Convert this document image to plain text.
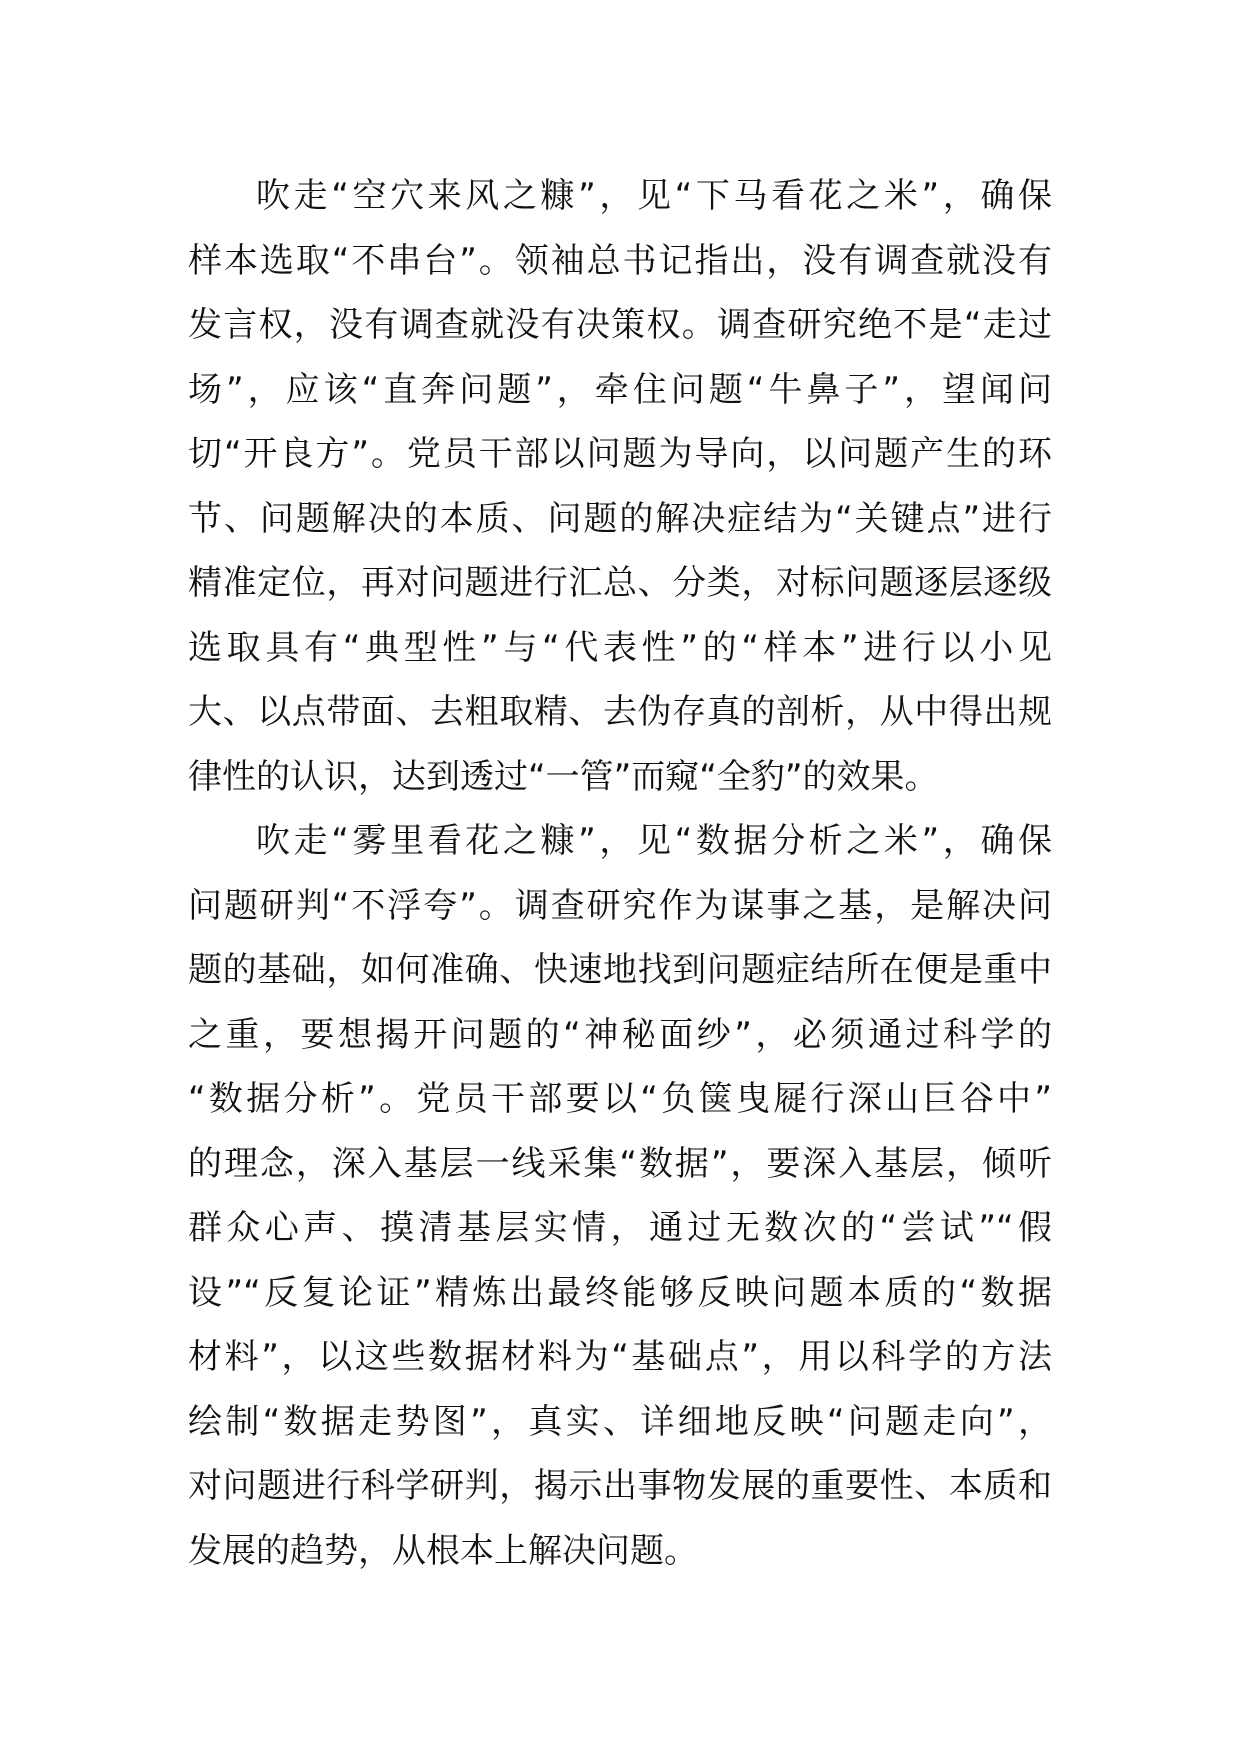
吹走“空穴来风之糠”，见“下马看花之米”，确保
样本选取“不串台”。领袖总书记指出，没有调查就没有
发言权，没有调查就没有决策权。调查研究绝不是“走过
场”，应该“直奔问题”，牵住问题“牛鼻子”，望闻问
切“开良方”。党员干部以问题为导向，以问题产生的环
节、问题解决的本质、问题的解决症结为“关键点”进行
精准定位，再对问题进行汇总、分类，对标问题逐层逐级
选取具有“典型性”与“代表性”的“样本”进行以小见
大、以点带面、去粗取精、去伪存真的剖析，从中得出规
律性的认识，达到透过“一管”而窥“全豹”的效果。
吹走“雾里看花之糠”，见“数据分析之米”，确保
问题研判“不浮夸”。调查研究作为谋事之基，是解决问
题的基础，如何准确、快速地找到问题症结所在便是重中
之重，要想揭开问题的“神秘面纱”，必须通过科学的
“数据分析”。党员干部要以“负箧曳屣行深山巨谷中”
的理念，深入基层一线采集“数据”，要深入基层，倾听
群众心声、摸清基层实情，通过无数次的“尝试”“假
设”“反复论证”精炼出最终能够反映问题本质的“数据
材料”，以这些数据材料为“基础点”，用以科学的方法
绘制“数据走势图”，真实、详细地反映“问题走向”，
对问题进行科学研判，揭示出事物发展的重要性、本质和
发展的趋势，从根本上解决问题。
